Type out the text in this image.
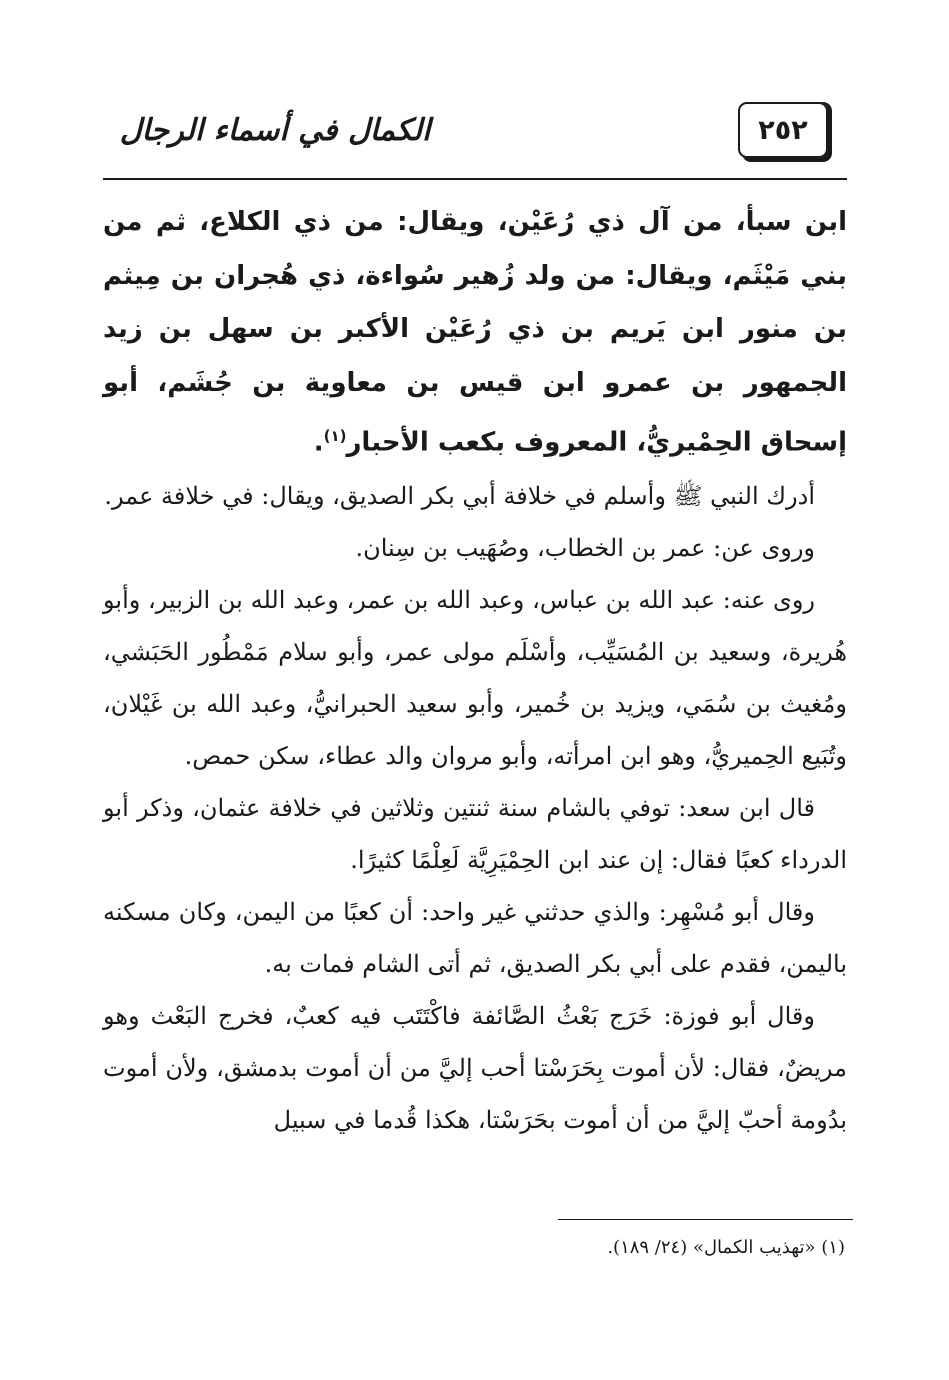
٢٥٢
الكمال في أسماء الرجال
ابن سبأ، من آل ذي رُعَيْن، ويقال: من ذي الكلاع، ثم من بني مَيْثَم، ويقال: من ولد زُهير سُواءة، ذي هُجران بن مِيثم بن منور ابن يَريم بن ذي رُعَيْن الأكبر بن سهل بن زيد الجمهور بن عمرو ابن قيس بن معاوية بن جُشَم، أبو إسحاق الحِمْيريُّ، المعروف بكعب الأحبار$^{(١)}$.
أدرك النبي ﷺ وأسلم في خلافة أبي بكر الصديق، ويقال: في خلافة عمر.
وروى عن: عمر بن الخطاب، وصُهَيب بن سِنان.
روى عنه: عبد الله بن عباس، وعبد الله بن عمر، وعبد الله بن الزبير، وأبو هُريرة، وسعيد بن المُسَيِّب، وأسْلَم مولى عمر، وأبو سلام مَمْطُور الحَبَشي، ومُغيث بن سُمَي، ويزيد بن خُمير، وأبو سعيد الحبرانيُّ، وعبد الله بن غَيْلان، وتُبَيع الحِميريُّ، وهو ابن امرأته، وأبو مروان والد عطاء، سكن حمص.
قال ابن سعد: توفي بالشام سنة ثنتين وثلاثين في خلافة عثمان، وذكر أبو الدرداء كعبًا فقال: إن عند ابن الحِمْيَرِيَّة لَعِلْمًا كثيرًا.
وقال أبو مُسْهِر: والذي حدثني غير واحد: أن كعبًا من اليمن، وكان مسكنه باليمن، فقدم على أبي بكر الصديق، ثم أتى الشام فمات به.
وقال أبو فوزة: خَرَج بَعْثُ الصَّائفة فاكْتَتَب فيه كعبٌ، فخرج البَعْث وهو مريضٌ، فقال: لأن أموت بِحَرَسْتا أحب إليَّ من أن أموت بدمشق، ولأن أموت بدُومة أحبّ إليَّ من أن أموت بحَرَسْتا، هكذا قُدما في سبيل
(١) «تهذيب الكمال» (٢٤/ ١٨٩).
